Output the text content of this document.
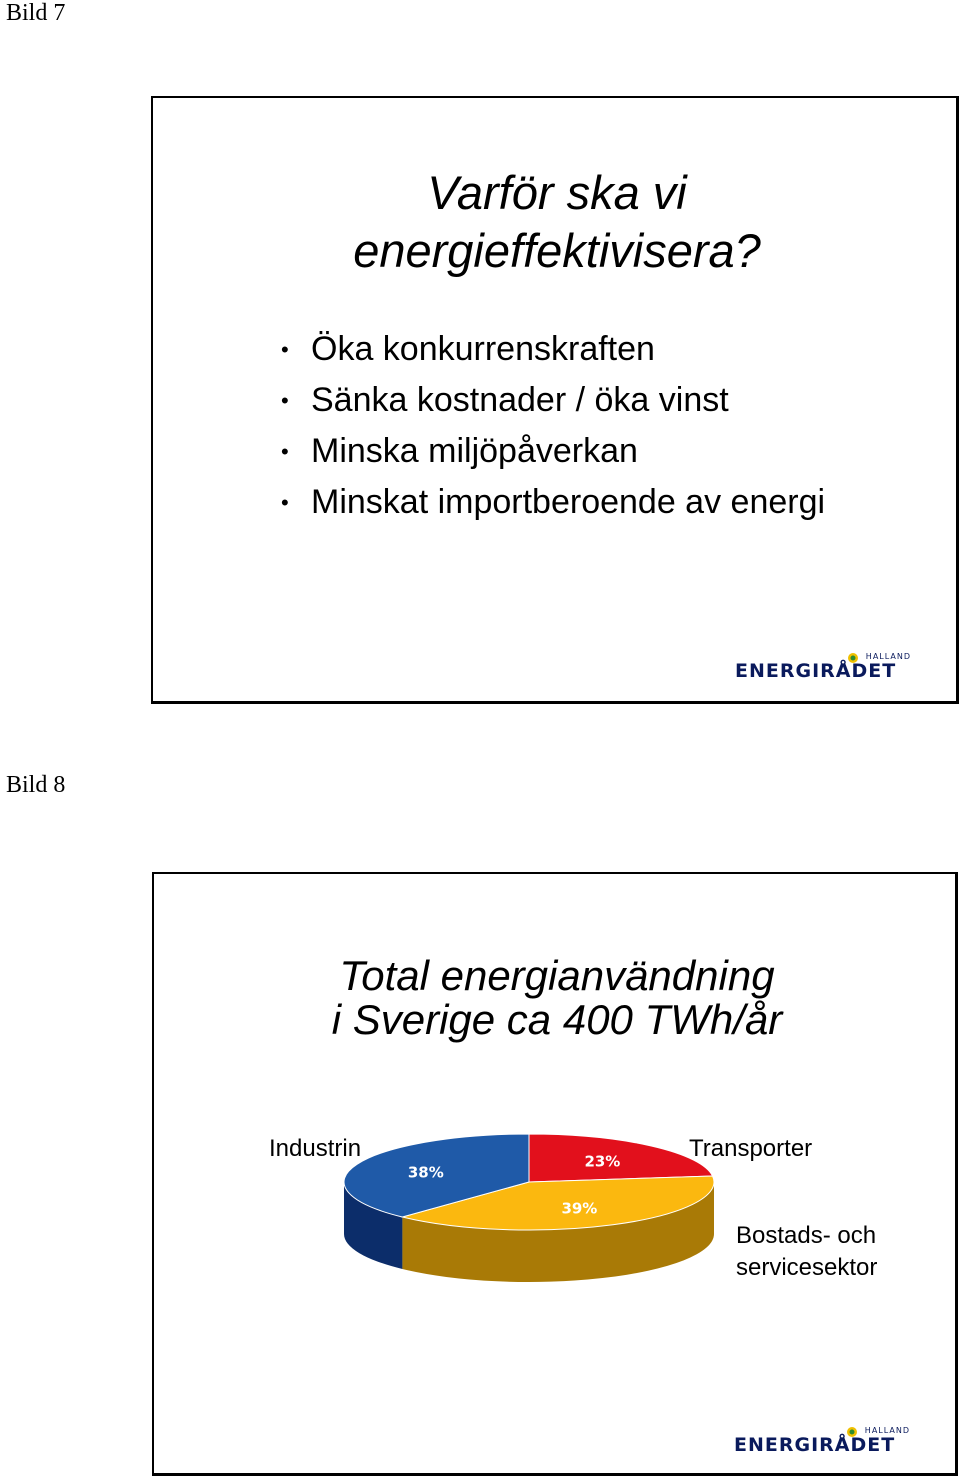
Bild 7
Varför ska vi
energieffektivisera?
• Öka konkurrenskraften
• Sänka kostnader / öka vinst
• Minska miljöpåverkan
• Minskat importberoende av energi
HALLAND
ENERGIRÅDET
Bild 8
Total energianvändning
i Sverige ca 400 TWh/år
Industrin	Transporter
Bostads- och
servicesektor
23%
39%
38%
HALLAND
ENERGIRÅDET
